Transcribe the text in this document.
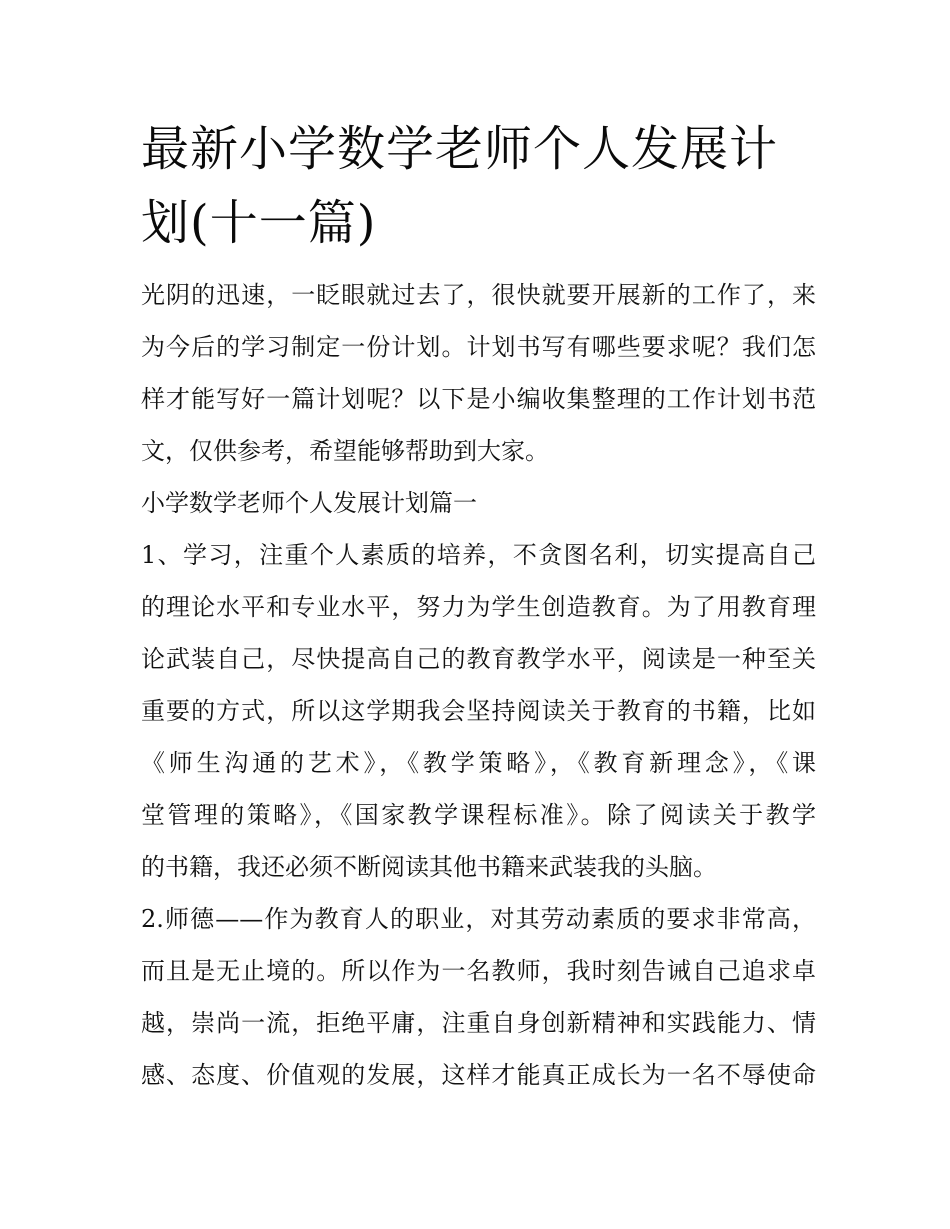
最新小学数学老师个人发展计
划(十一篇)
光阴的迅速，一眨眼就过去了，很快就要开展新的工作了，来
为今后的学习制定一份计划。计划书写有哪些要求呢？我们怎
样才能写好一篇计划呢？以下是小编收集整理的工作计划书范
文，仅供参考，希望能够帮助到大家。
小学数学老师个人发展计划篇一
1、学习，注重个人素质的培养，不贪图名利，切实提高自己
的理论水平和专业水平，努力为学生创造教育。为了用教育理
论武装自己，尽快提高自己的教育教学水平，阅读是一种至关
重要的方式，所以这学期我会坚持阅读关于教育的书籍，比如
《师生沟通的艺术》，《教学策略》，《教育新理念》，《课
堂管理的策略》，《国家教学课程标准》。除了阅读关于教学
的书籍，我还必须不断阅读其他书籍来武装我的头脑。
2.师德——作为教育人的职业，对其劳动素质的要求非常高，
而且是无止境的。所以作为一名教师，我时刻告诫自己追求卓
越，崇尚一流，拒绝平庸，注重自身创新精神和实践能力、情
感、态度、价值观的发展，这样才能真正成长为一名不辱使命
